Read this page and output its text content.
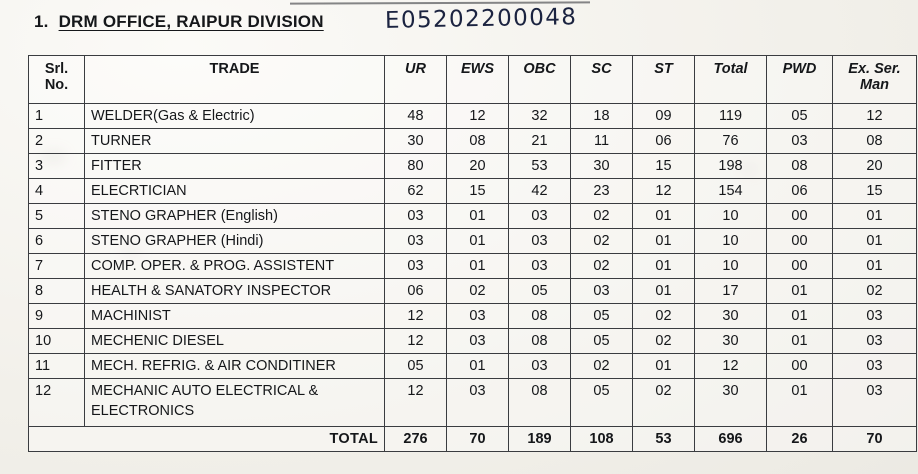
1. DRM OFFICE, RAIPUR DIVISION	E05202200048
Srl.
No.	TRADE	UR	EWS	OBC	SC	ST	Total	PWD	Ex. Ser.
Man

1	WELDER(Gas & Electric)	48	12	32	18	09	119	05	12
2	TURNER	30	08	21	11	06	76	03	08
3	FITTER	80	20	53	30	15	198	08	20
4	ELECRTICIAN	62	15	42	23	12	154	06	15
5	STENO GRAPHER (English)	03	01	03	02	01	10	00	01
6	STENO GRAPHER (Hindi)	03	01	03	02	01	10	00	01
7	COMP. OPER. & PROG. ASSISTENT	03	01	03	02	01	10	00	01
8	HEALTH & SANATORY INSPECTOR	06	02	05	03	01	17	01	02
9	MACHINIST	12	03	08	05	02	30	01	03
10	MECHENIC DIESEL	12	03	08	05	02	30	01	03
11	MECH. REFRIG. & AIR CONDITINER	05	01	03	02	01	12	00	03
12	MECHANIC AUTO ELECTRICAL & ELECTRONICS	12	03	08	05	02	30	01	03
TOTAL		276	70	189	108	53	696	26	70
